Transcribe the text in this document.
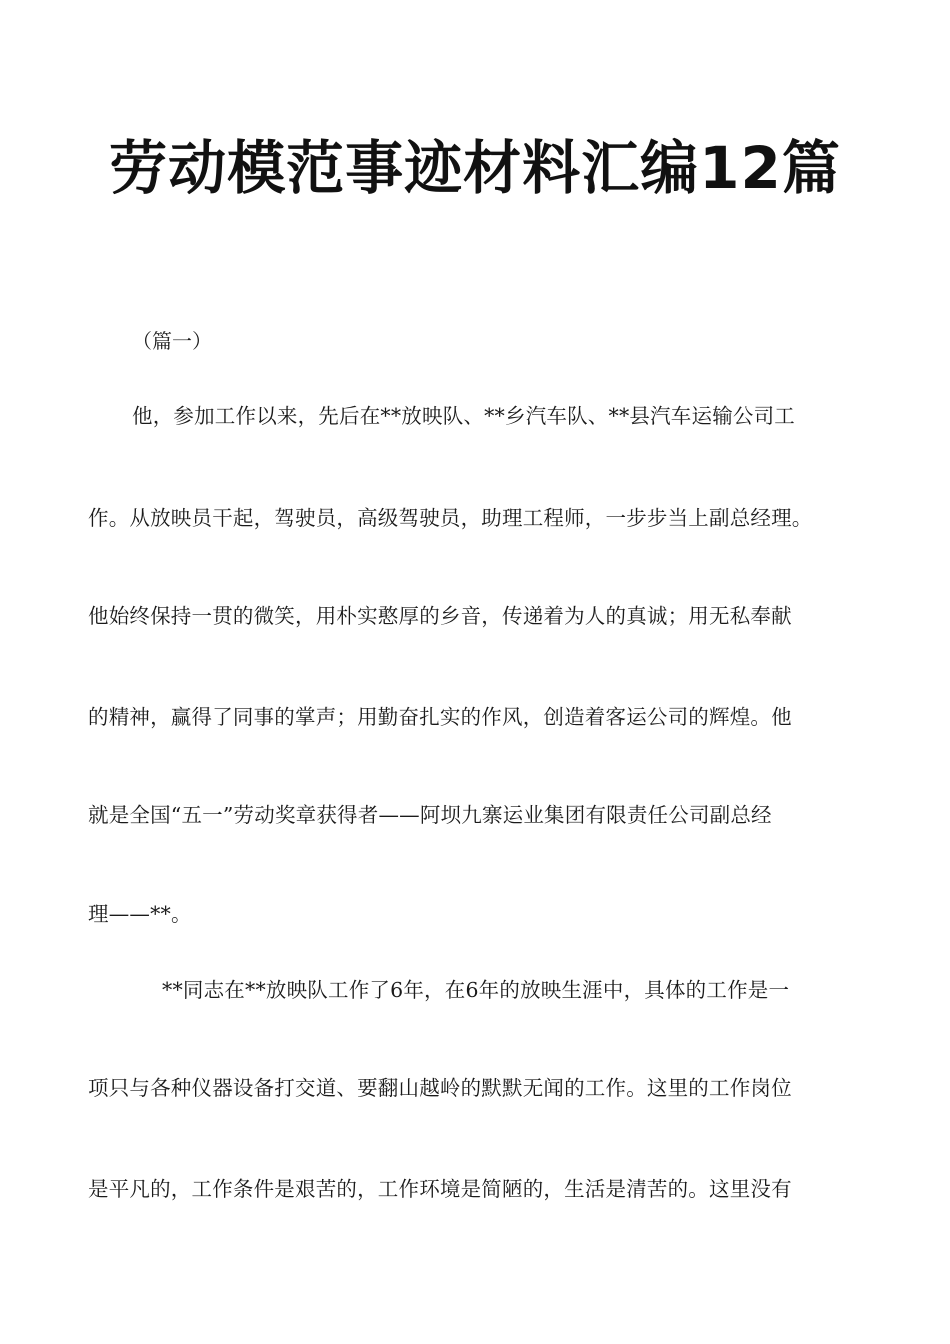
劳动模范事迹材料汇编12篇
（篇一）
他，参加工作以来，先后在**放映队、**乡汽车队、**县汽车运输公司工
作。从放映员干起，驾驶员，高级驾驶员，助理工程师，一步步当上副总经理。
他始终保持一贯的微笑，用朴实憨厚的乡音，传递着为人的真诚；用无私奉献
的精神，赢得了同事的掌声；用勤奋扎实的作风，创造着客运公司的辉煌。他
就是全国“五一”劳动奖章获得者——阿坝九寨运业集团有限责任公司副总经
理——**。
**同志在**放映队工作了6年，在6年的放映生涯中，具体的工作是一
项只与各种仪器设备打交道、要翻山越岭的默默无闻的工作。这里的工作岗位
是平凡的，工作条件是艰苦的，工作环境是简陋的，生活是清苦的。这里没有
